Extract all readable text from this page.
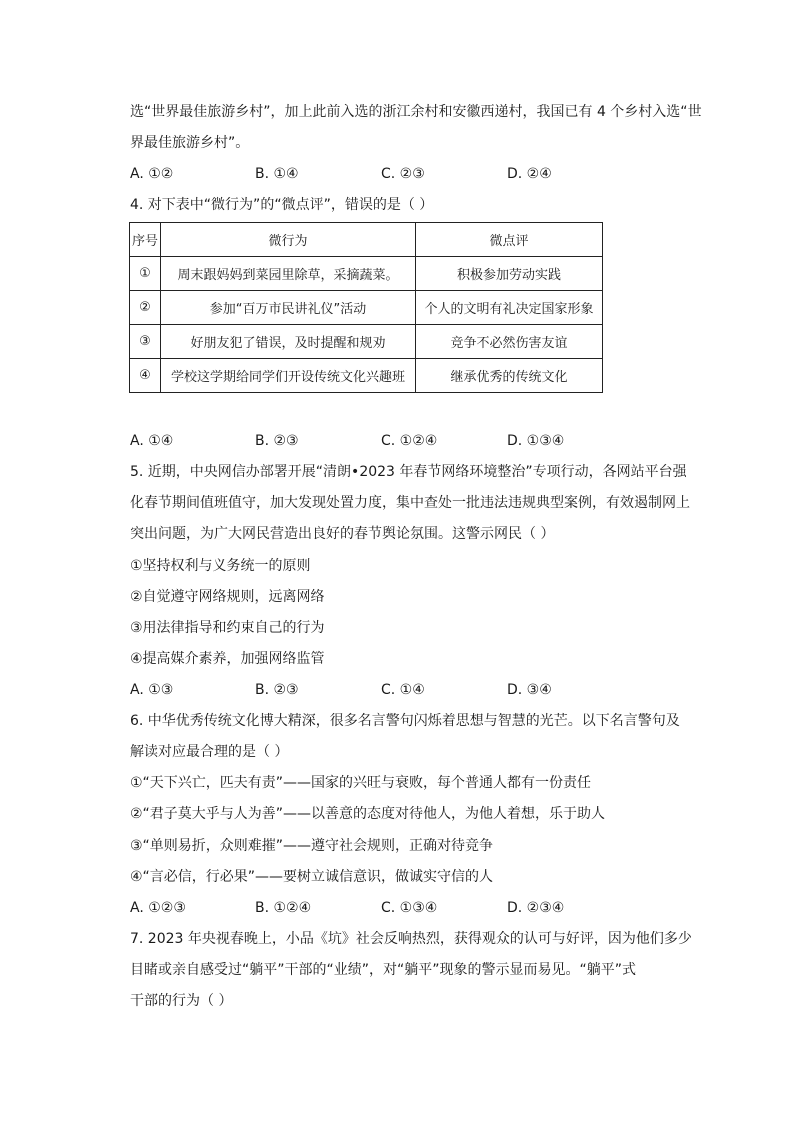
选“世界最佳旅游乡村”，加上此前入选的浙江余村和安徽西递村，我国已有 4 个乡村入选“世
界最佳旅游乡村”。
A. ①②	B. ①④	C. ②③	D. ②④
4. 对下表中“微行为”的“微点评”，错误的是（ ）
序号	微行为	微点评
①	周末跟妈妈到菜园里除草，采摘蔬菜。	积极参加劳动实践
②	参加“百万市民讲礼仪”活动	个人的文明有礼决定国家形象
③	好朋友犯了错误，及时提醒和规劝	竞争不必然伤害友谊
④	学校这学期给同学们开设传统文化兴趣班	继承优秀的传统文化
A. ①④	B. ②③	C. ①②④	D. ①③④
5. 近期，中央网信办部署开展“清朗•2023 年春节网络环境整治”专项行动，各网站平台强
化春节期间值班值守，加大发现处置力度，集中查处一批违法违规典型案例，有效遏制网上
突出问题，为广大网民营造出良好的春节舆论氛围。这警示网民（ ）
①坚持权利与义务统一的原则
②自觉遵守网络规则，远离网络
③用法律指导和约束自己的行为
④提高媒介素养，加强网络监管
A. ①③	B. ②③	C. ①④	D. ③④
6. 中华优秀传统文化博大精深，很多名言警句闪烁着思想与智慧的光芒。以下名言警句及
解读对应最合理的是（ ）
①“天下兴亡，匹夫有责”——国家的兴旺与衰败，每个普通人都有一份责任
②“君子莫大乎与人为善”——以善意的态度对待他人，为他人着想，乐于助人
③“单则易折，众则难摧”——遵守社会规则，正确对待竞争
④“言必信，行必果”——要树立诚信意识，做诚实守信的人
A. ①②③	B. ①②④	C. ①③④	D. ②③④
7. 2023 年央视春晚上，小品《坑》社会反响热烈，获得观众的认可与好评，因为他们多少
目睹或亲自感受过“躺平”干部的“业绩”，对“躺平”现象的警示显而易见。“躺平”式
干部的行为（ ）
